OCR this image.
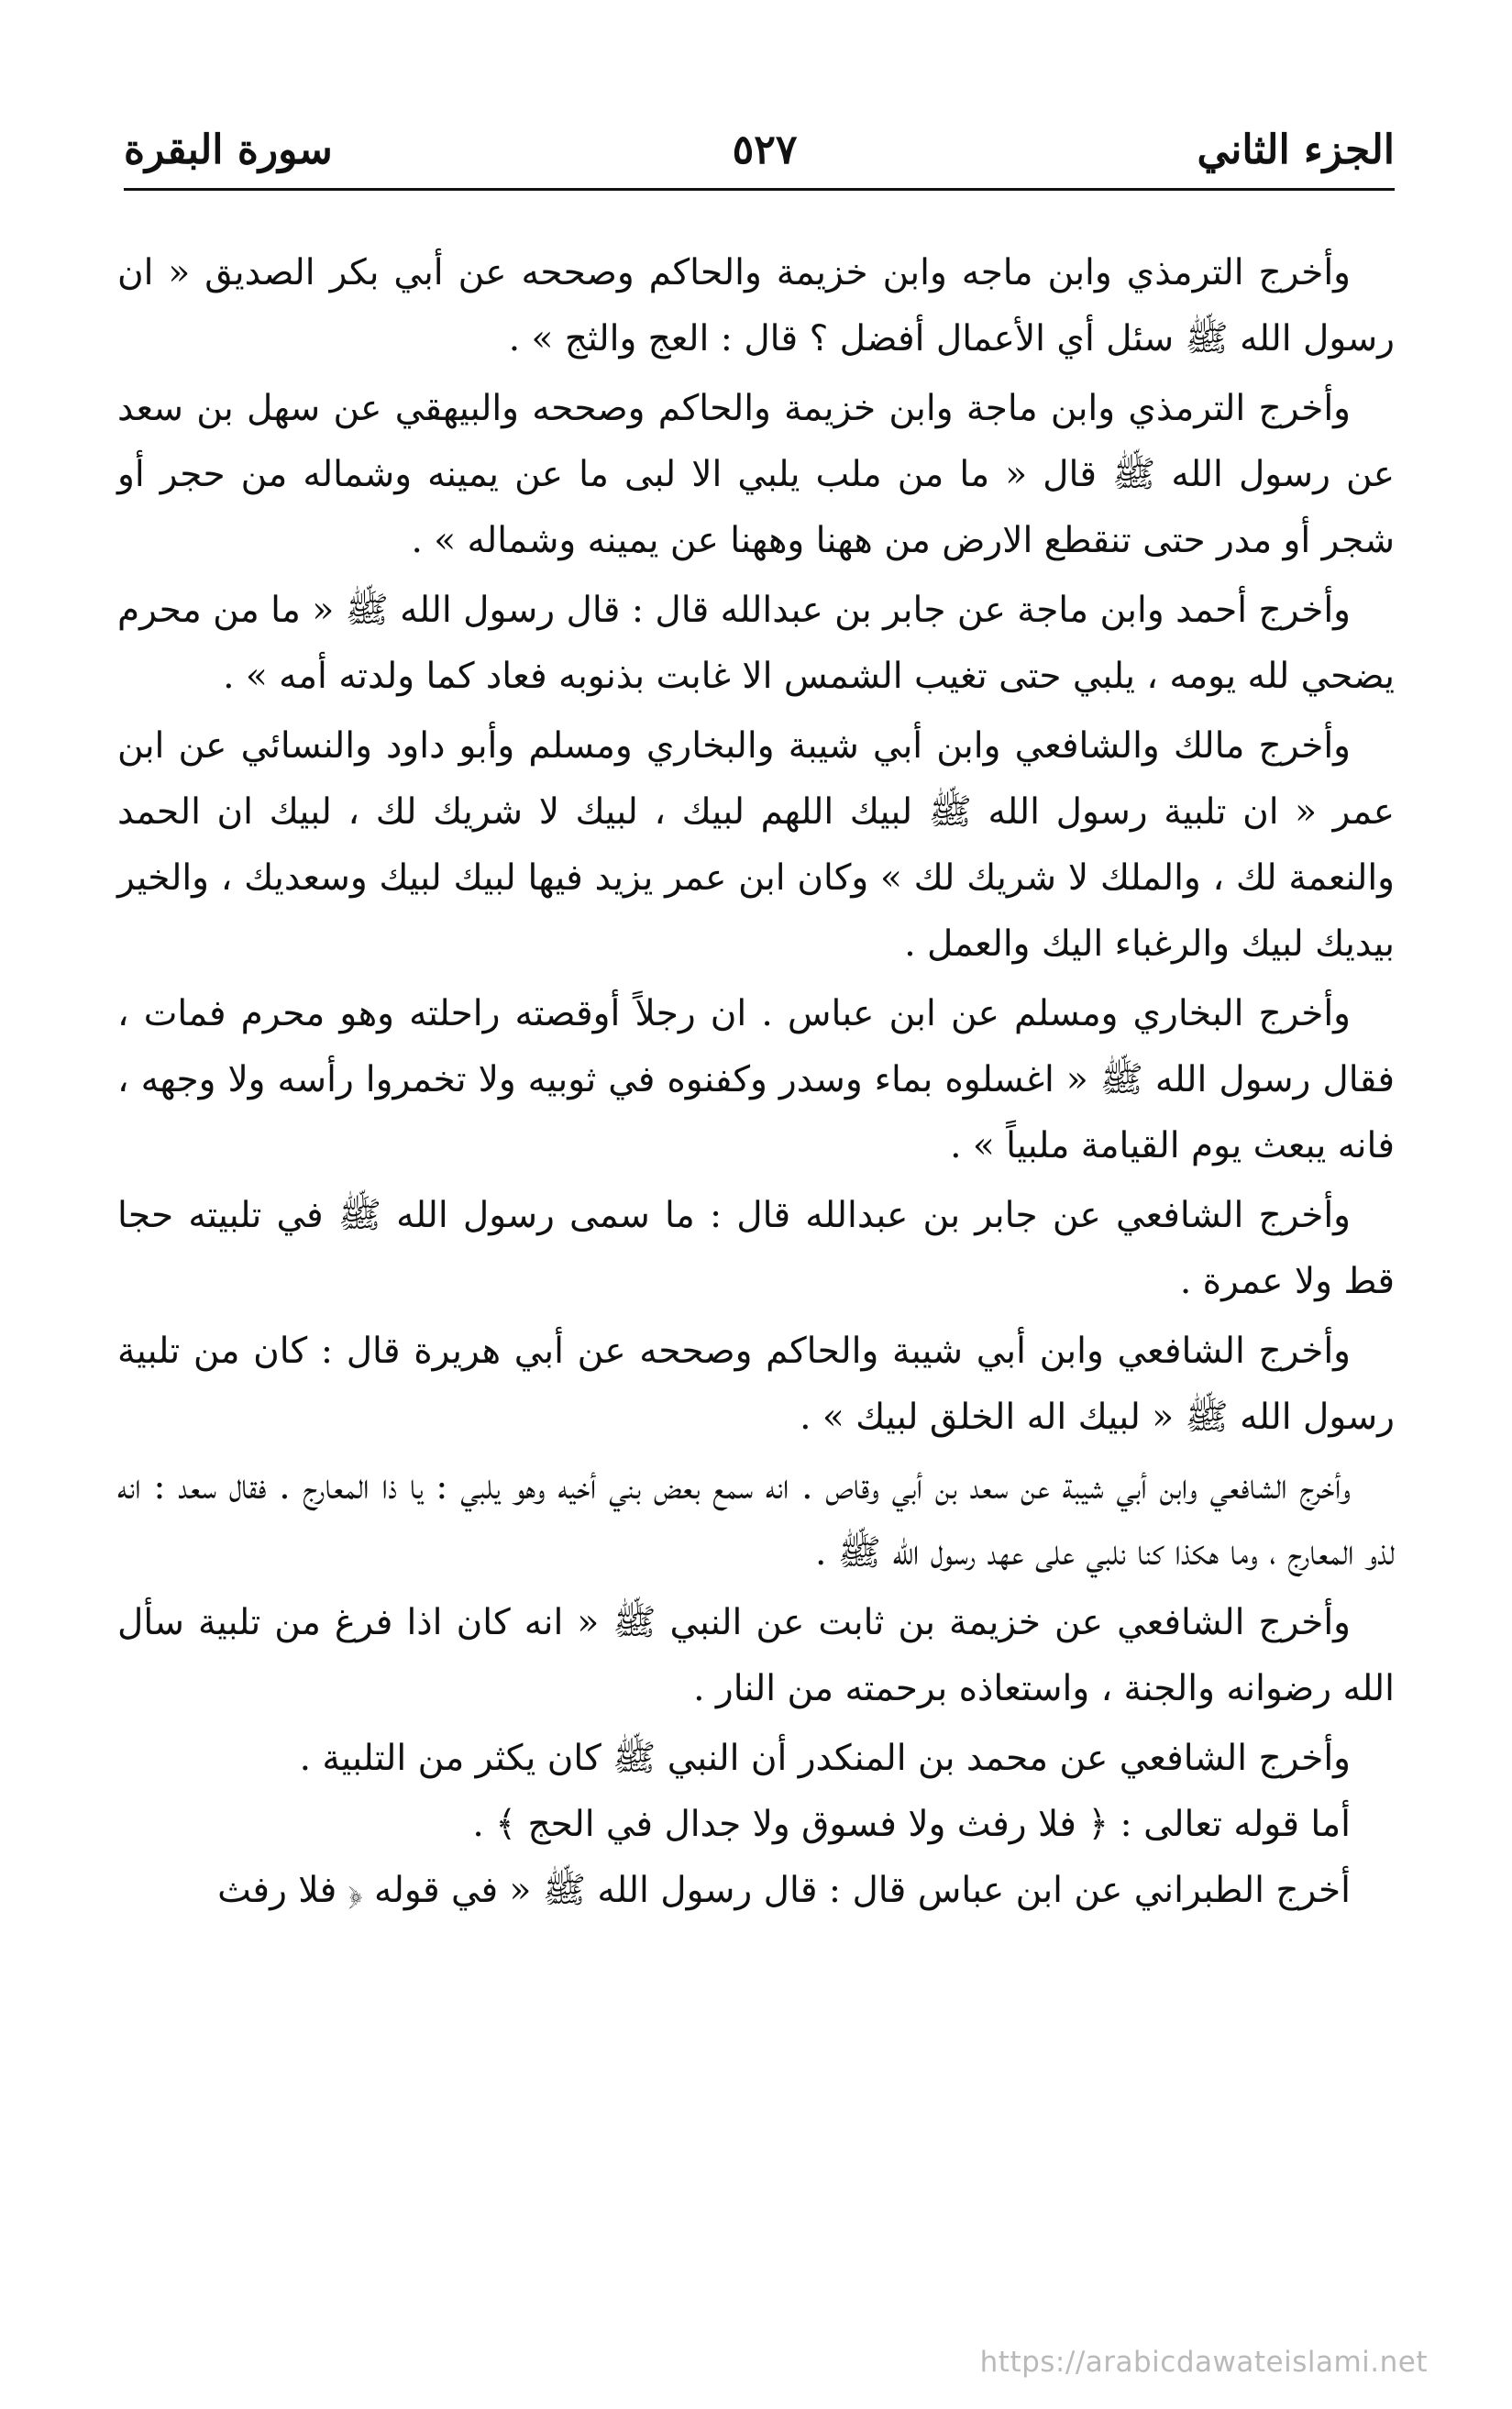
الجزء الثاني
٥٢٧
سورة البقرة

وأخرج الترمذي وابن ماجه وابن خزيمة والحاكم وصححه عن أبي بكر الصديق « ان رسول الله ﷺ سئل أي الأعمال أفضل ؟ قال : العج والثج » .

وأخرج الترمذي وابن ماجة وابن خزيمة والحاكم وصححه والبيهقي عن سهل بن سعد عن رسول الله ﷺ قال « ما من ملب يلبي الا لبى ما عن يمينه وشماله من حجر أو شجر أو مدر حتى تنقطع الارض من ههنا وههنا عن يمينه وشماله » .

وأخرج أحمد وابن ماجة عن جابر بن عبدالله قال : قال رسول الله ﷺ « ما من محرم يضحي لله يومه ، يلبي حتى تغيب الشمس الا غابت بذنوبه فعاد كما ولدته أمه » .

وأخرج مالك والشافعي وابن أبي شيبة والبخاري ومسلم وأبو داود والنسائي عن ابن عمر « ان تلبية رسول الله ﷺ لبيك اللهم لبيك ، لبيك لا شريك لك ، لبيك ان الحمد والنعمة لك ، والملك لا شريك لك » وكان ابن عمر يزيد فيها لبيك لبيك وسعديك ، والخير بيديك لبيك والرغباء اليك والعمل .

وأخرج البخاري ومسلم عن ابن عباس . ان رجلاً أوقصته راحلته وهو محرم فمات ، فقال رسول الله ﷺ « اغسلوه بماء وسدر وكفنوه في ثوبيه ولا تخمروا رأسه ولا وجهه ، فانه يبعث يوم القيامة ملبياً » .

وأخرج الشافعي عن جابر بن عبدالله قال : ما سمى رسول الله ﷺ في تلبيته حجا قط ولا عمرة .

وأخرج الشافعي وابن أبي شيبة والحاكم وصححه عن أبي هريرة قال : كان من تلبية رسول الله ﷺ « لبيك اله الخلق لبيك » .

وأخرج الشافعي وابن أبي شيبة عن سعد بن أبي وقاص . انه سمع بعض بني أخيه وهو يلبي : يا ذا المعارج . فقال سعد : انه لذو المعارج ، وما هكذا كنا نلبي على عهد رسول الله ﷺ .

وأخرج الشافعي عن خزيمة بن ثابت عن النبي ﷺ « انه كان اذا فرغ من تلبية سأل الله رضوانه والجنة ، واستعاذه برحمته من النار .

وأخرج الشافعي عن محمد بن المنكدر أن النبي ﷺ كان يكثر من التلبية .

أما قوله تعالى : ﴿ فلا رفث ولا فسوق ولا جدال في الحج ﴾ .

أخرج الطبراني عن ابن عباس قال : قال رسول الله ﷺ « في قوله ﴿ فلا رفث

https://arabicdawateislami.net
